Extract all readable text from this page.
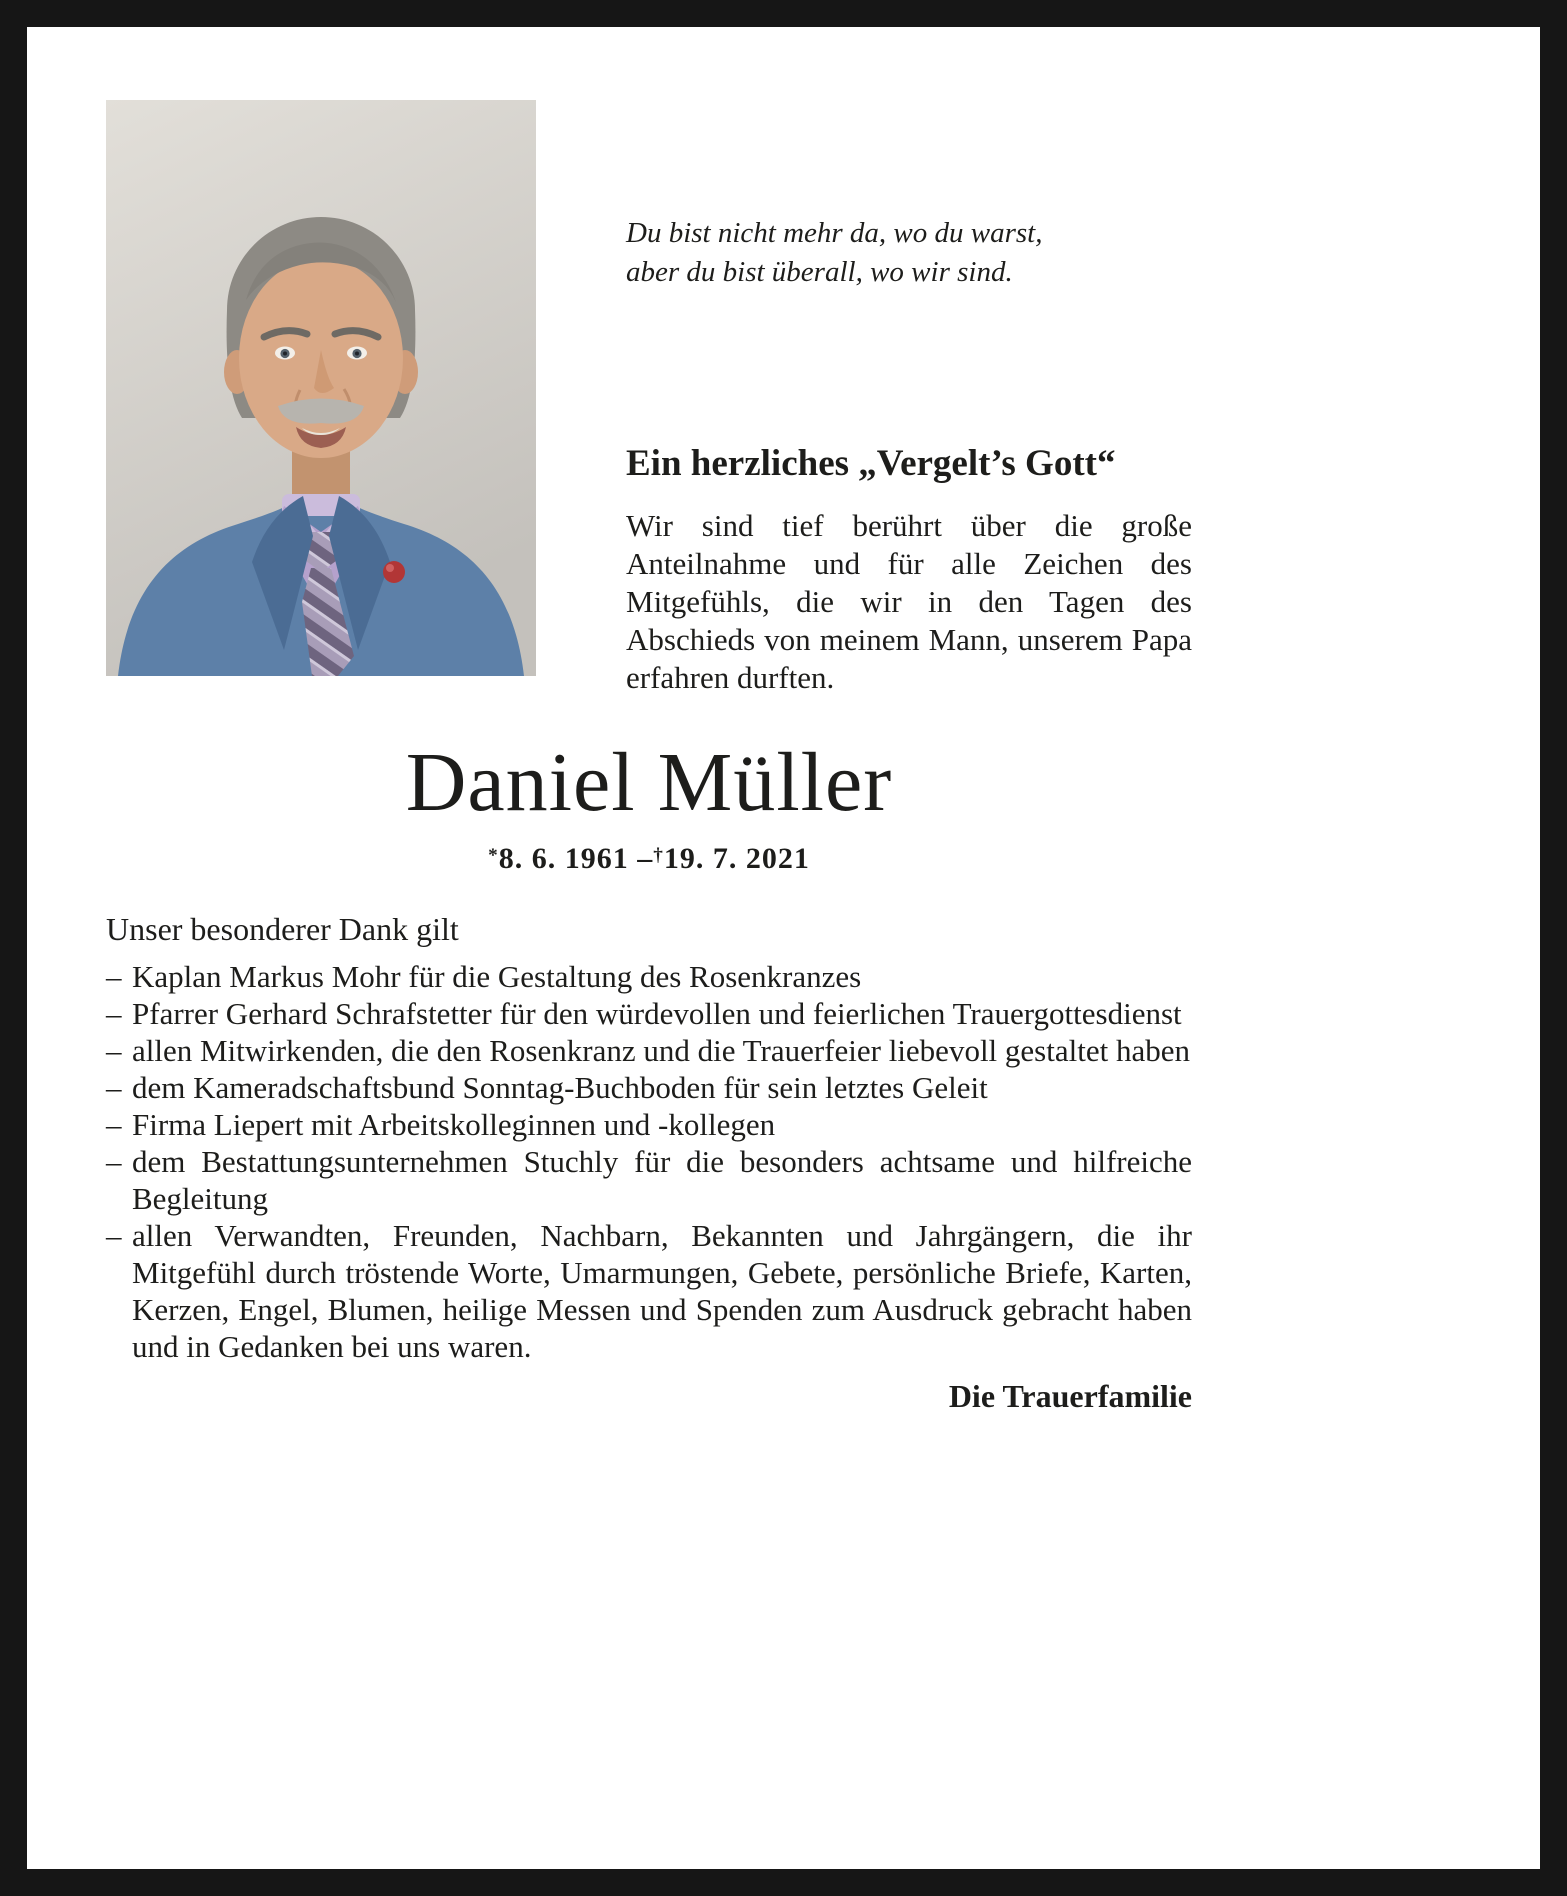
Du bist nicht mehr da, wo du warst,
aber du bist überall, wo wir sind.
Ein herzliches „Vergelt’s Gott“

Wir sind tief berührt über die große Anteilnahme und für alle Zeichen des Mitgefühls, die wir in den Tagen des Abschieds von meinem Mann, unserem Papa erfahren durften.

Daniel Müller
*8. 6. 1961 –†19. 7. 2021

Unser besonderer Dank gilt

– Kaplan Markus Mohr für die Gestaltung des Rosenkranzes
– Pfarrer Gerhard Schrafstetter für den würdevollen und feierlichen Trauergottesdienst
– allen Mitwirkenden, die den Rosenkranz und die Trauerfeier liebevoll gestaltet haben
– dem Kameradschaftsbund Sonntag-Buchboden für sein letztes Geleit
– Firma Liepert mit Arbeitskolleginnen und -kollegen
– dem Bestattungsunternehmen Stuchly für die besonders achtsame und hilfreiche Begleitung
– allen Verwandten, Freunden, Nachbarn, Bekannten und Jahrgängern, die ihr Mitgefühl durch tröstende Worte, Umarmungen, Gebete, persönliche Briefe, Karten, Kerzen, Engel, Blumen, heilige Messen und Spenden zum Ausdruck gebracht haben und in Gedanken bei uns waren.

Die Trauerfamilie
